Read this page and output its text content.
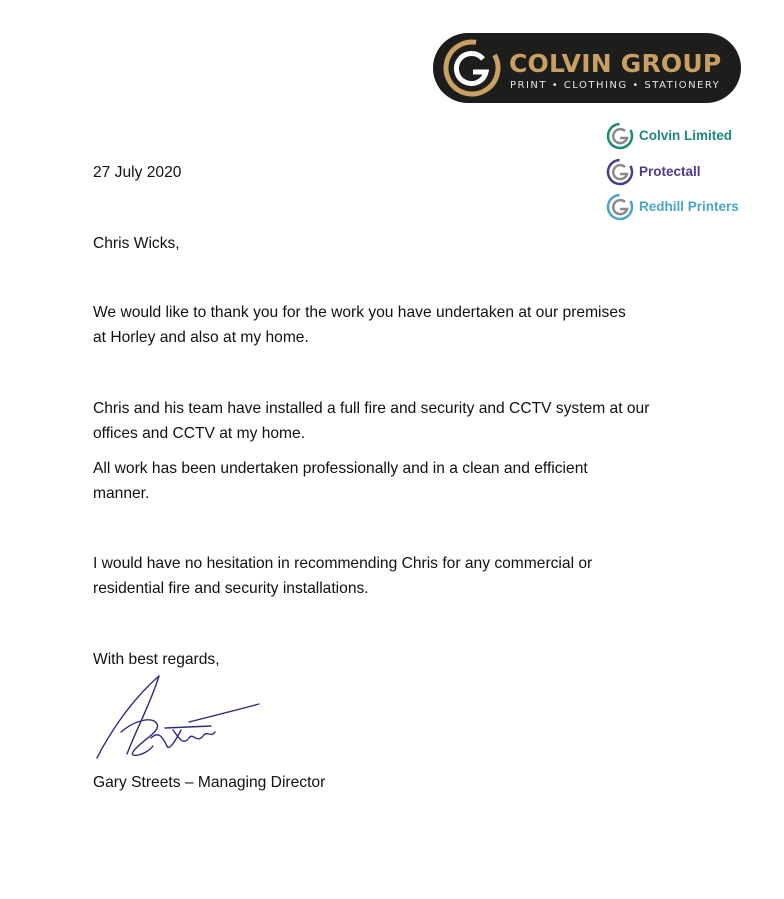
COLVIN GROUP
PRINT • CLOTHING • STATIONERY
Colvin Limited
Protectall
Redhill Printers
27 July 2020
Chris Wicks,
We would like to thank you for the work you have undertaken at our premises
at Horley and also at my home.
Chris and his team have installed a full fire and security and CCTV system at our
offices and CCTV at my home.
All work has been undertaken professionally and in a clean and efficient
manner.
I would have no hesitation in recommending Chris for any commercial or
residential fire and security installations.
With best regards,
Gary Streets – Managing Director
